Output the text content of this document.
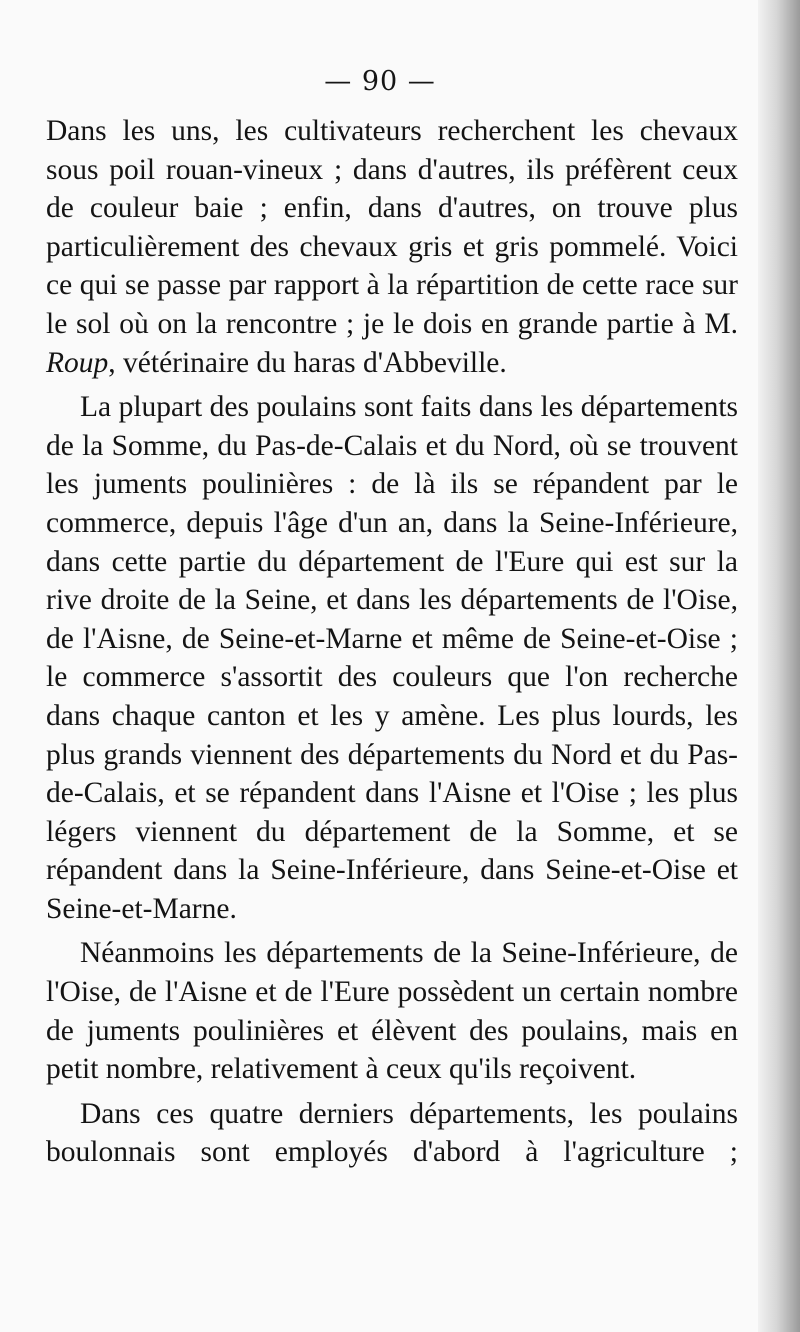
— 90 —

Dans les uns, les cultivateurs recherchent les chevaux sous poil rouan-vineux ; dans d'autres, ils préfèrent ceux de couleur baie ; enfin, dans d'autres, on trouve plus particulièrement des chevaux gris et gris pommelé. Voici ce qui se passe par rapport à la répartition de cette race sur le sol où on la rencontre ; je le dois en grande partie à M. Roup, vétérinaire du haras d'Abbeville.

La plupart des poulains sont faits dans les départements de la Somme, du Pas-de-Calais et du Nord, où se trouvent les juments poulinières : de là ils se répandent par le commerce, depuis l'âge d'un an, dans la Seine-Inférieure, dans cette partie du département de l'Eure qui est sur la rive droite de la Seine, et dans les départements de l'Oise, de l'Aisne, de Seine-et-Marne et même de Seine-et-Oise ; le commerce s'assortit des couleurs que l'on recherche dans chaque canton et les y amène. Les plus lourds, les plus grands viennent des départements du Nord et du Pas-de-Calais, et se répandent dans l'Aisne et l'Oise ; les plus légers viennent du département de la Somme, et se répandent dans la Seine-Inférieure, dans Seine-et-Oise et Seine-et-Marne.

Néanmoins les départements de la Seine-Inférieure, de l'Oise, de l'Aisne et de l'Eure possèdent un certain nombre de juments poulinières et élèvent des poulains, mais en petit nombre, relativement à ceux qu'ils reçoivent.

Dans ces quatre derniers départements, les poulains boulonnais sont employés d'abord à l'agriculture ;
